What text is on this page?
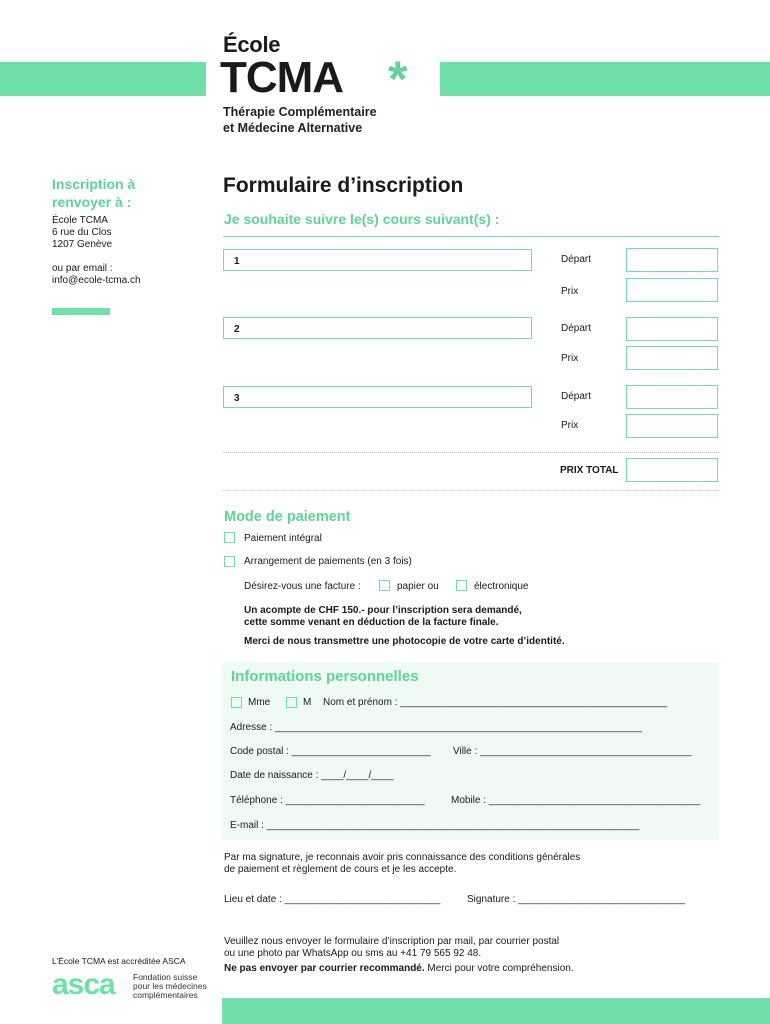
École
TCMA *
Thérapie Complémentaire
et Médecine Alternative
Inscription à
renvoyer à :
École TCMA
6 rue du Clos
1207 Genève
ou par email :
info@ecole-tcma.ch
Formulaire d’inscription
Je souhaite suivre le(s) cours suivant(s) :
1	Départ
Prix
2	Départ
Prix
3	Départ
Prix
PRIX TOTAL
Mode de paiement
Paiement intégral
Arrangement de paiements (en 3 fois)
Désirez-vous une facture :	papier ou	électronique
Un acompte de CHF 150.- pour l’inscription sera demandé,
cette somme venant en déduction de la facture finale.
Merci de nous transmettre une photocopie de votre carte d’identité.
Informations personnelles
Mme	M Nom et prénom : ________________________________________________
Adresse : __________________________________________________________________
Code postal : _________________________ Ville : ______________________________________
Date de naissance : ____/____/____
Téléphone : _________________________	Mobile : ______________________________________
E-mail : ___________________________________________________________________
Par ma signature, je reconnais avoir pris connaissance des conditions générales
de paiement et règlement de cours et je les accepte.
Lieu et date : ____________________________	Signature : ______________________________
Veuillez nous envoyer le formulaire d’inscription par mail, par courrier postal
ou une photo par WhatsApp ou sms au +41 79 565 92 48.
Ne pas envoyer par courrier recommandé. Merci pour votre compréhension.
L’École TCMA est accréditée ASCA
asca Fondation suisse
pour les médecines
complémentaires
